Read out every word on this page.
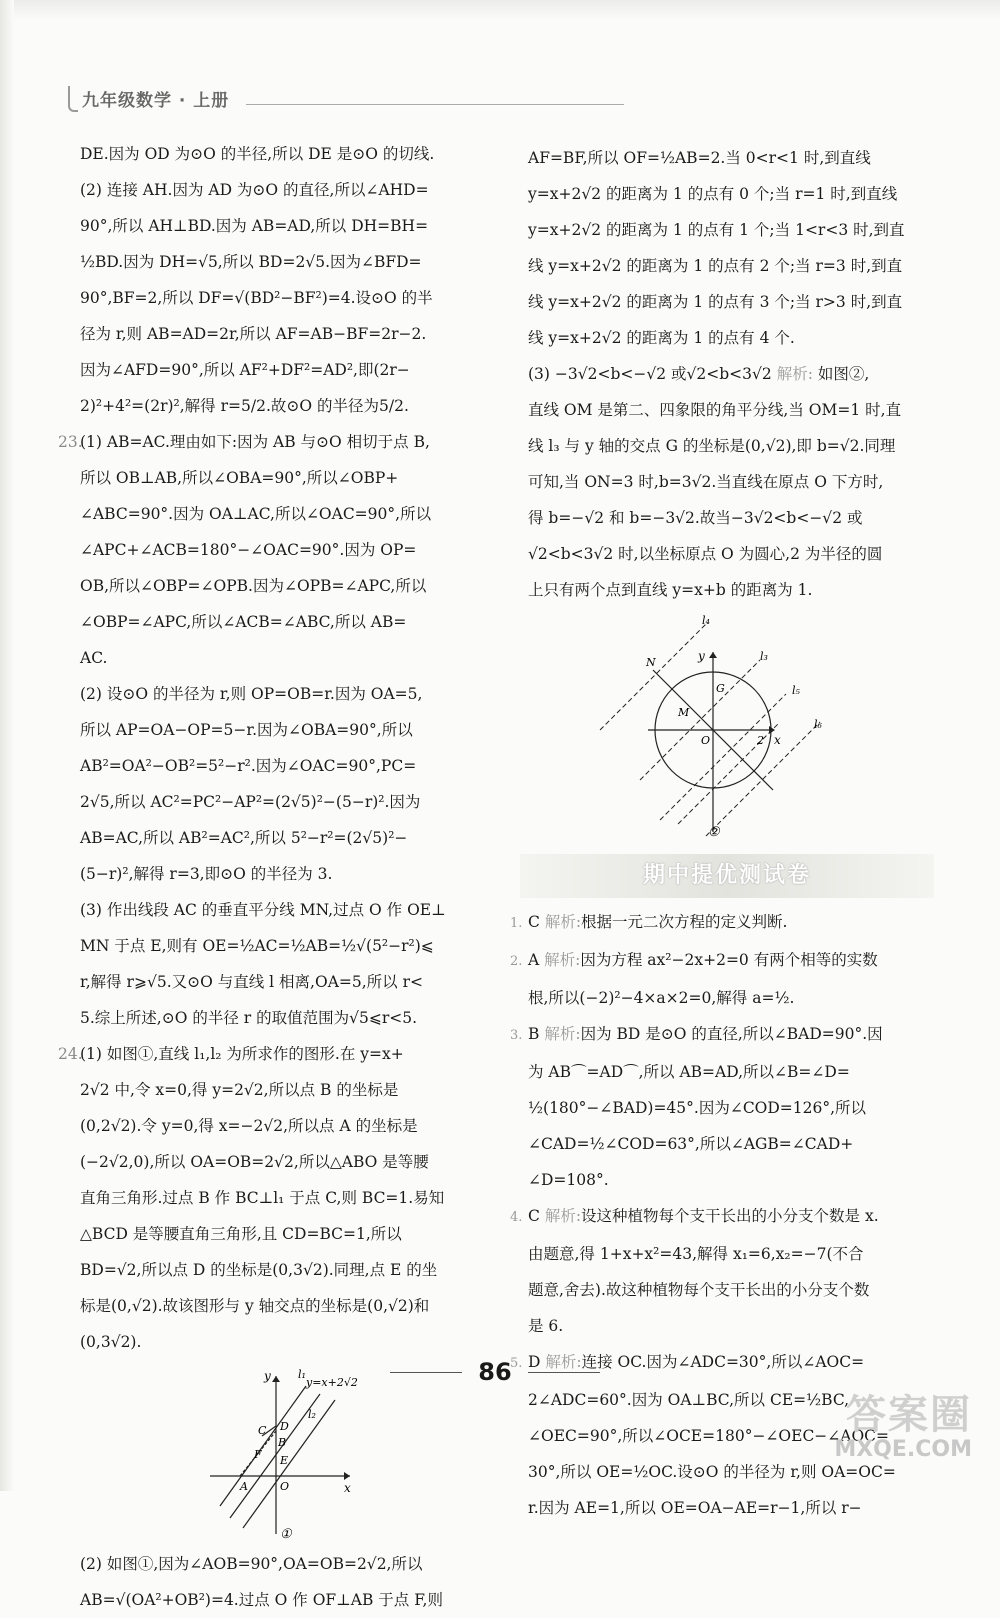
九年级数学 · 上册

DE.因为 OD 为⊙O 的半径,所以 DE 是⊙O 的切线.

(2) 连接 AH.因为 AD 为⊙O 的直径,所以∠AHD=

90°,所以 AH⊥BD.因为 AB=AD,所以 DH=BH=

½BD.因为 DH=√5,所以 BD=2√5.因为∠BFD=

90°,BF=2,所以 DF=√(BD²−BF²)=4.设⊙O 的半

径为 r,则 AB=AD=2r,所以 AF=AB−BF=2r−2.

因为∠AFD=90°,所以 AF²+DF²=AD²,即(2r−

2)²+4²=(2r)²,解得 r=5/2.故⊙O 的半径为5/2.

23.(1) AB=AC.理由如下:因为 AB 与⊙O 相切于点 B,

所以 OB⊥AB,所以∠OBA=90°,所以∠OBP+

∠ABC=90°.因为 OA⊥AC,所以∠OAC=90°,所以

∠APC+∠ACB=180°−∠OAC=90°.因为 OP=

OB,所以∠OBP=∠OPB.因为∠OPB=∠APC,所以

∠OBP=∠APC,所以∠ACB=∠ABC,所以 AB=

AC.

(2) 设⊙O 的半径为 r,则 OP=OB=r.因为 OA=5,

所以 AP=OA−OP=5−r.因为∠OBA=90°,所以

AB²=OA²−OB²=5²−r².因为∠OAC=90°,PC=

2√5,所以 AC²=PC²−AP²=(2√5)²−(5−r)².因为

AB=AC,所以 AB²=AC²,所以 5²−r²=(2√5)²−

(5−r)²,解得 r=3,即⊙O 的半径为 3.

(3) 作出线段 AC 的垂直平分线 MN,过点 O 作 OE⊥

MN 于点 E,则有 OE=½AC=½AB=½√(5²−r²)⩽

r,解得 r⩾√5.又⊙O 与直线 l 相离,OA=5,所以 r<

5.综上所述,⊙O 的半径 r 的取值范围为√5⩽r<5.

24.(1) 如图①,直线 l₁,l₂ 为所求作的图形.在 y=x+

2√2 中,令 x=0,得 y=2√2,所以点 B 的坐标是

(0,2√2).令 y=0,得 x=−2√2,所以点 A 的坐标是

(−2√2,0),所以 OA=OB=2√2,所以△ABO 是等腰

直角三角形.过点 B 作 BC⊥l₁ 于点 C,则 BC=1.易知

△BCD 是等腰直角三角形,且 CD=BC=1,所以

BD=√2,所以点 D 的坐标是(0,3√2).同理,点 E 的坐

标是(0,√2).故该图形与 y 轴交点的坐标是(0,√2)和

(0,3√2).

y
x
l₁
y=x+2√2
l₂
C D
B
F E
A	O
①

(2) 如图①,因为∠AOB=90°,OA=OB=2√2,所以

AB=√(OA²+OB²)=4.过点 O 作 OF⊥AB 于点 F,则

AF=BF,所以 OF=½AB=2.当 0<r<1 时,到直线

y=x+2√2 的距离为 1 的点有 0 个;当 r=1 时,到直线

y=x+2√2 的距离为 1 的点有 1 个;当 1<r<3 时,到直

线 y=x+2√2 的距离为 1 的点有 2 个;当 r=3 时,到直

线 y=x+2√2 的距离为 1 的点有 3 个;当 r>3 时,到直

线 y=x+2√2 的距离为 1 的点有 4 个.

(3) −3√2<b<−√2 或√2<b<3√2 解析: 如图②,

直线 OM 是第二、四象限的角平分线,当 OM=1 时,直

线 l₃ 与 y 轴的交点 G 的坐标是(0,√2),即 b=√2.同理

可知,当 ON=3 时,b=3√2.当直线在原点 O 下方时,

得 b=−√2 和 b=−3√2.故当−3√2<b<−√2 或

√2<b<3√2 时,以坐标原点 O 为圆心,2 为半径的圆

上只有两个点到直线 y=x+b 的距离为 1.

l₄
l₃
l₅
l₆
N	y
G
M
O	2 x
②
期中提优测试卷

1. C 解析:根据一元二次方程的定义判断.

2. A 解析:因为方程 ax²−2x+2=0 有两个相等的实数

根,所以(−2)²−4×a×2=0,解得 a=½.

3. B 解析:因为 BD 是⊙O 的直径,所以∠BAD=90°.因

为 AB⌒=AD⌒,所以 AB=AD,所以∠B=∠D=

½(180°−∠BAD)=45°.因为∠COD=126°,所以

∠CAD=½∠COD=63°,所以∠AGB=∠CAD+

∠D=108°.

4. C 解析:设这种植物每个支干长出的小分支个数是 x.

由题意,得 1+x+x²=43,解得 x₁=6,x₂=−7(不合

题意,舍去).故这种植物每个支干长出的小分支个数

是 6.

5. D 解析:连接 OC.因为∠ADC=30°,所以∠AOC=

2∠ADC=60°.因为 OA⊥BC,所以 CE=½BC,

∠OEC=90°,所以∠OCE=180°−∠OEC−∠AOC=

30°,所以 OE=½OC.设⊙O 的半径为 r,则 OA=OC=

r.因为 AE=1,所以 OE=OA−AE=r−1,所以 r−

86
答案圈
MXQE.COM
